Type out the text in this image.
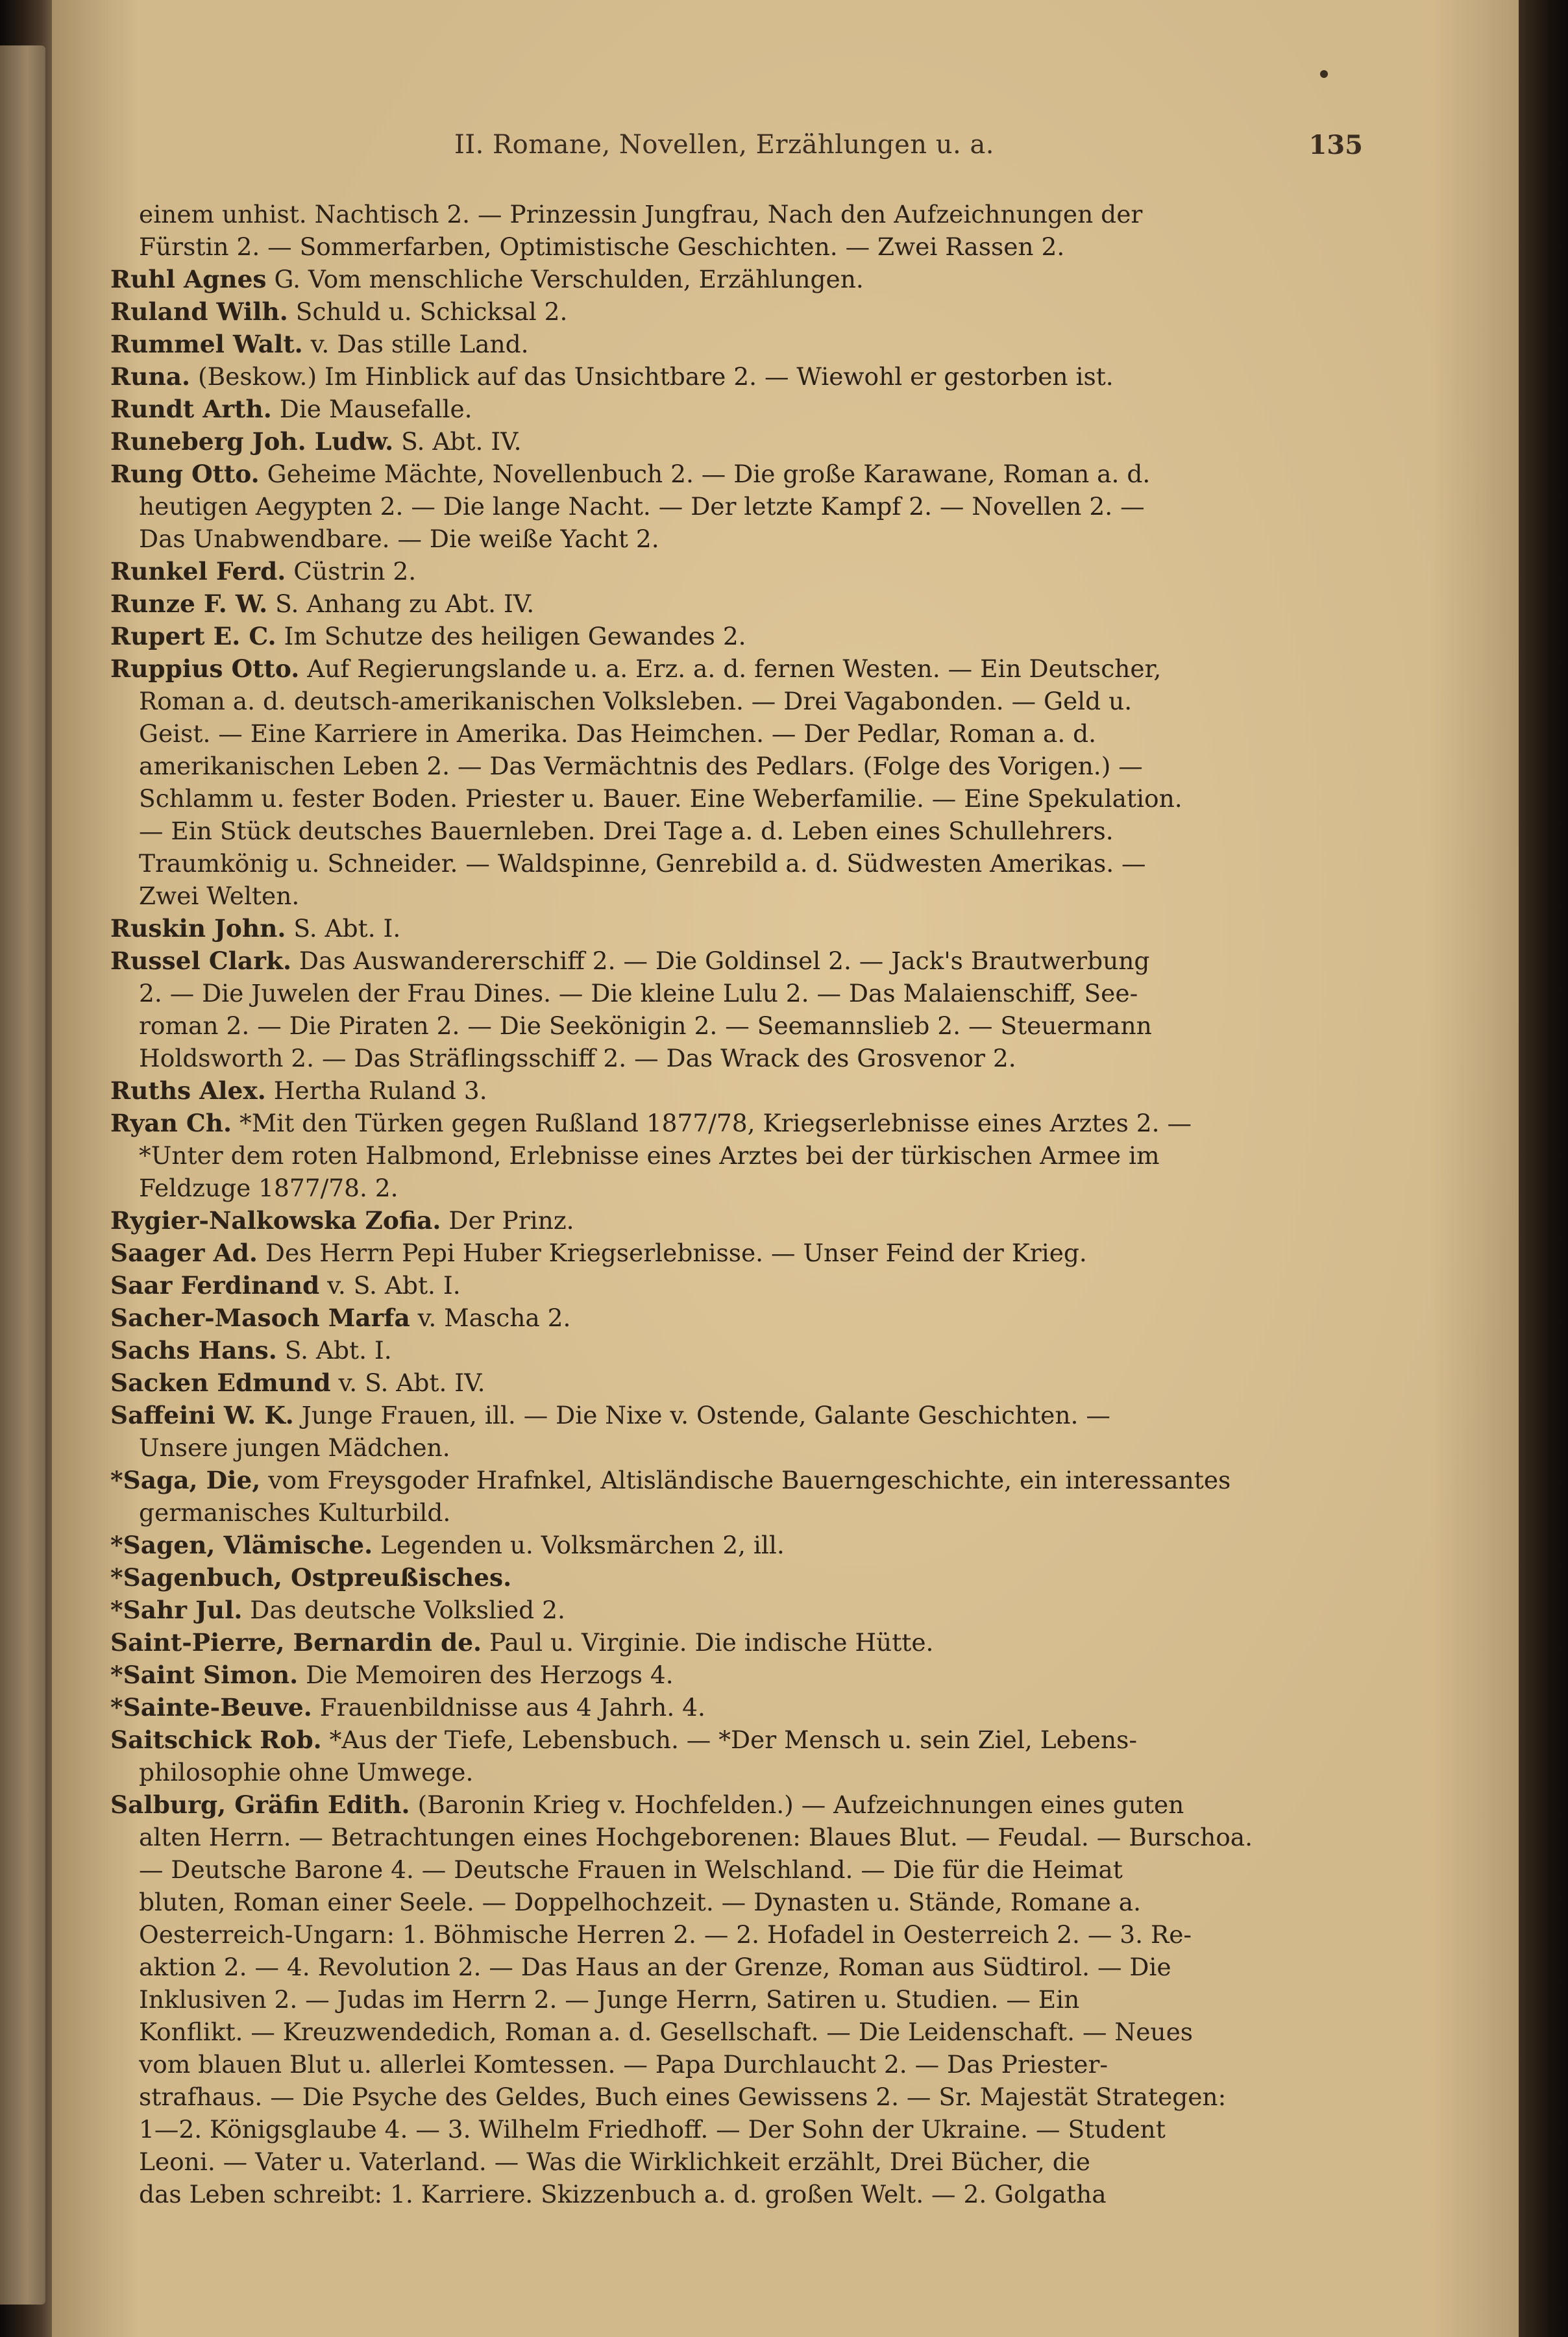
II. Romane, Novellen, Erzählungen u. a.	135
einem unhist. Nachtisch 2. — Prinzessin Jungfrau, Nach den Aufzeichnungen der
Fürstin 2. — Sommerfarben, Optimistische Geschichten. — Zwei Rassen 2.
Ruhl Agnes G. Vom menschliche Verschulden, Erzählungen.
Ruland Wilh. Schuld u. Schicksal 2.
Rummel Walt. v. Das stille Land.
Runa. (Beskow.) Im Hinblick auf das Unsichtbare 2. — Wiewohl er gestorben ist.
Rundt Arth. Die Mausefalle.
Runeberg Joh. Ludw. S. Abt. IV.
Rung Otto. Geheime Mächte, Novellenbuch 2. — Die große Karawane, Roman a. d.
heutigen Aegypten 2. — Die lange Nacht. — Der letzte Kampf 2. — Novellen 2. —
Das Unabwendbare. — Die weiße Yacht 2.
Runkel Ferd. Cüstrin 2.
Runze F. W. S. Anhang zu Abt. IV.
Rupert E. C. Im Schutze des heiligen Gewandes 2.
Ruppius Otto. Auf Regierungslande u. a. Erz. a. d. fernen Westen. — Ein Deutscher,
Roman a. d. deutsch-amerikanischen Volksleben. — Drei Vagabonden. — Geld u.
Geist. — Eine Karriere in Amerika. Das Heimchen. — Der Pedlar, Roman a. d.
amerikanischen Leben 2. — Das Vermächtnis des Pedlars. (Folge des Vorigen.) —
Schlamm u. fester Boden. Priester u. Bauer. Eine Weberfamilie. — Eine Spekulation.
— Ein Stück deutsches Bauernleben. Drei Tage a. d. Leben eines Schullehrers.
Traumkönig u. Schneider. — Waldspinne, Genrebild a. d. Südwesten Amerikas. —
Zwei Welten.
Ruskin John. S. Abt. I.
Russel Clark. Das Auswandererschiff 2. — Die Goldinsel 2. — Jack's Brautwerbung
2. — Die Juwelen der Frau Dines. — Die kleine Lulu 2. — Das Malaienschiff, See-
roman 2. — Die Piraten 2. — Die Seekönigin 2. — Seemannslieb 2. — Steuermann
Holdsworth 2. — Das Sträflingsschiff 2. — Das Wrack des Grosvenor 2.
Ruths Alex. Hertha Ruland 3.
Ryan Ch. *Mit den Türken gegen Rußland 1877/78, Kriegserlebnisse eines Arztes 2. —
*Unter dem roten Halbmond, Erlebnisse eines Arztes bei der türkischen Armee im
Feldzuge 1877/78. 2.
Rygier-Nalkowska Zofia. Der Prinz.
Saager Ad. Des Herrn Pepi Huber Kriegserlebnisse. — Unser Feind der Krieg.
Saar Ferdinand v. S. Abt. I.
Sacher-Masoch Marfa v. Mascha 2.
Sachs Hans. S. Abt. I.
Sacken Edmund v. S. Abt. IV.
Saffeini W. K. Junge Frauen, ill. — Die Nixe v. Ostende, Galante Geschichten. —
Unsere jungen Mädchen.
*Saga, Die, vom Freysgoder Hrafnkel, Altisländische Bauerngeschichte, ein interessantes
germanisches Kulturbild.
*Sagen, Vlämische. Legenden u. Volksmärchen 2, ill.
*Sagenbuch, Ostpreußisches.
*Sahr Jul. Das deutsche Volkslied 2.
Saint-Pierre, Bernardin de. Paul u. Virginie. Die indische Hütte.
*Saint Simon. Die Memoiren des Herzogs 4.
*Sainte-Beuve. Frauenbildnisse aus 4 Jahrh. 4.
Saitschick Rob. *Aus der Tiefe, Lebensbuch. — *Der Mensch u. sein Ziel, Lebens-
philosophie ohne Umwege.
Salburg, Gräfin Edith. (Baronin Krieg v. Hochfelden.) — Aufzeichnungen eines guten
alten Herrn. — Betrachtungen eines Hochgeborenen: Blaues Blut. — Feudal. — Burschoa.
— Deutsche Barone 4. — Deutsche Frauen in Welschland. — Die für die Heimat
bluten, Roman einer Seele. — Doppelhochzeit. — Dynasten u. Stände, Romane a.
Oesterreich-Ungarn: 1. Böhmische Herren 2. — 2. Hofadel in Oesterreich 2. — 3. Re-
aktion 2. — 4. Revolution 2. — Das Haus an der Grenze, Roman aus Südtirol. — Die
Inklusiven 2. — Judas im Herrn 2. — Junge Herrn, Satiren u. Studien. — Ein
Konflikt. — Kreuzwendedich, Roman a. d. Gesellschaft. — Die Leidenschaft. — Neues
vom blauen Blut u. allerlei Komtessen. — Papa Durchlaucht 2. — Das Priester-
strafhaus. — Die Psyche des Geldes, Buch eines Gewissens 2. — Sr. Majestät Strategen:
1—2. Königsglaube 4. — 3. Wilhelm Friedhoff. — Der Sohn der Ukraine. — Student
Leoni. — Vater u. Vaterland. — Was die Wirklichkeit erzählt, Drei Bücher, die
das Leben schreibt: 1. Karriere. Skizzenbuch a. d. großen Welt. — 2. Golgatha
